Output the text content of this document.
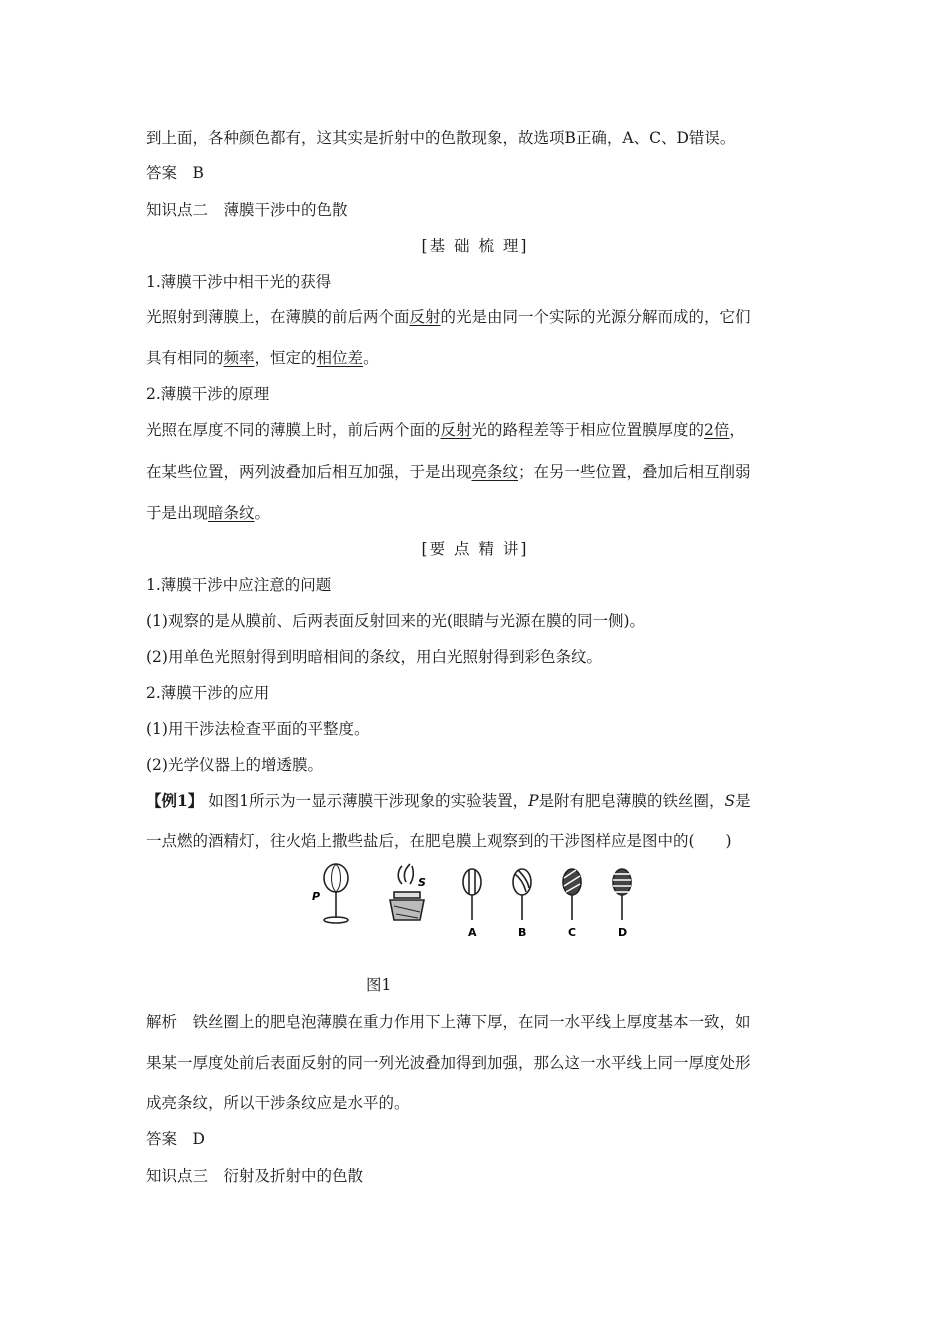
到上面，各种颜色都有，这其实是折射中的色散现象，故选项B正确，A、C、D错误。
答案　B
知识点二　薄膜干涉中的色散
[基 础 梳 理]
1.薄膜干涉中相干光的获得
光照射到薄膜上，在薄膜的前后两个面反射的光是由同一个实际的光源分解而成的，它们
具有相同的频率，恒定的相位差。
2.薄膜干涉的原理
光照在厚度不同的薄膜上时，前后两个面的反射光的路程差等于相应位置膜厚度的2倍，
在某些位置，两列波叠加后相互加强，于是出现亮条纹；在另一些位置，叠加后相互削弱
于是出现暗条纹。
[要 点 精 讲]
1.薄膜干涉中应注意的问题
(1)观察的是从膜前、后两表面反射回来的光(眼睛与光源在膜的同一侧)。
(2)用单色光照射得到明暗相间的条纹，用白光照射得到彩色条纹。
2.薄膜干涉的应用
(1)用干涉法检查平面的平整度。
(2)光学仪器上的增透膜。
【例1】 如图1所示为一显示薄膜干涉现象的实验装置，P是附有肥皂薄膜的铁丝圈，S是
一点燃的酒精灯，往火焰上撒些盐后，在肥皂膜上观察到的干涉图样应是图中的(　　)
P
S
A	B	C	D
图1
解析　铁丝圈上的肥皂泡薄膜在重力作用下上薄下厚，在同一水平线上厚度基本一致，如
果某一厚度处前后表面反射的同一列光波叠加得到加强，那么这一水平线上同一厚度处形
成亮条纹，所以干涉条纹应是水平的。
答案　D
知识点三　衍射及折射中的色散
